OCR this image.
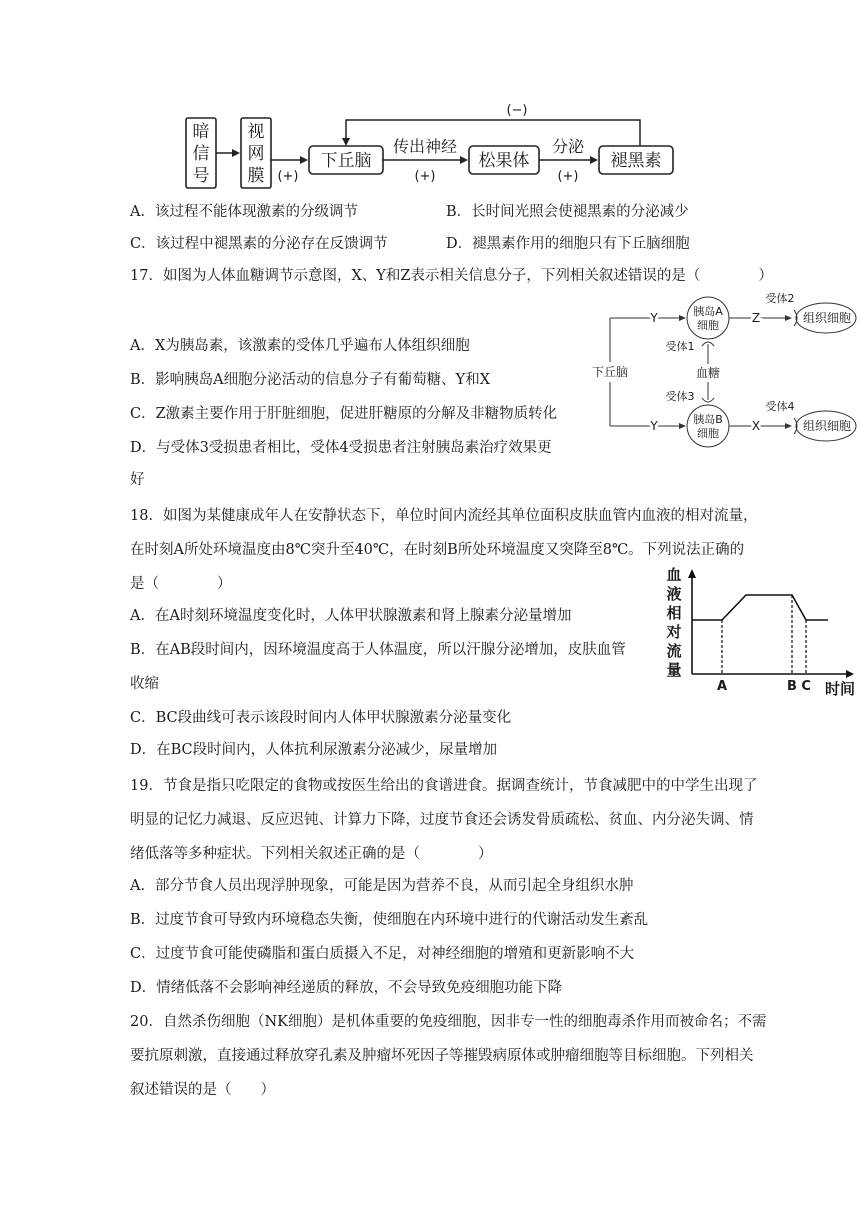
暗
信
号
视
网
膜 (+)
下丘脑
传出神经
(+)
松果体
分泌
(+)
褪黑素
(−)
A．该过程不能体现激素的分级调节	B．长时间光照会使褪黑素的分泌减少
C．该过程中褪黑素的分泌存在反馈调节	D．褪黑素作用的细胞只有下丘脑细胞
17．如图为人体血糖调节示意图，X、Y和Z表示相关信息分子，下列相关叙述错误的是（　　　　）
A．X为胰岛素，该激素的受体几乎遍布人体组织细胞
B．影响胰岛A细胞分泌活动的信息分子有葡萄糖、Y和X
C．Z激素主要作用于肝脏细胞，促进肝糖原的分解及非糖物质转化
D．与受体3受损患者相比，受体4受损患者注射胰岛素治疗效果更
好
下丘脑
Y
Y
胰岛A
细胞
胰岛B
细胞
血糖
受体1
受体3
Z
X
受体2
受体4
组织细胞
组织细胞
18．如图为某健康成年人在安静状态下，单位时间内流经其单位面积皮肤血管内血液的相对流量，
在时刻A所处环境温度由8℃突升至40℃，在时刻B所处环境温度又突降至8℃。下列说法正确的
是（　　　　）
A．在A时刻环境温度变化时，人体甲状腺激素和肾上腺素分泌量增加
B．在AB段时间内，因环境温度高于人体温度，所以汗腺分泌增加，皮肤血管
收缩
C．BC段曲线可表示该段时间内人体甲状腺激素分泌量变化
D．在BC段时间内，人体抗利尿激素分泌减少，尿量增加
血
液
相
对
流
量
A	B C 时间
19．节食是指只吃限定的食物或按医生给出的食谱进食。据调查统计，节食减肥中的中学生出现了
明显的记忆力减退、反应迟钝、计算力下降，过度节食还会诱发骨质疏松、贫血、内分泌失调、情
绪低落等多种症状。下列相关叙述正确的是（　　　　）
A．部分节食人员出现浮肿现象，可能是因为营养不良，从而引起全身组织水肿
B．过度节食可导致内环境稳态失衡，使细胞在内环境中进行的代谢活动发生紊乱
C．过度节食可能使磷脂和蛋白质摄入不足，对神经细胞的增殖和更新影响不大
D．情绪低落不会影响神经递质的释放，不会导致免疫细胞功能下降
20．自然杀伤细胞（NK细胞）是机体重要的免疫细胞，因非专一性的细胞毒杀作用而被命名；不需
要抗原刺激，直接通过释放穿孔素及肿瘤坏死因子等摧毁病原体或肿瘤细胞等目标细胞。下列相关
叙述错误的是（　　）
